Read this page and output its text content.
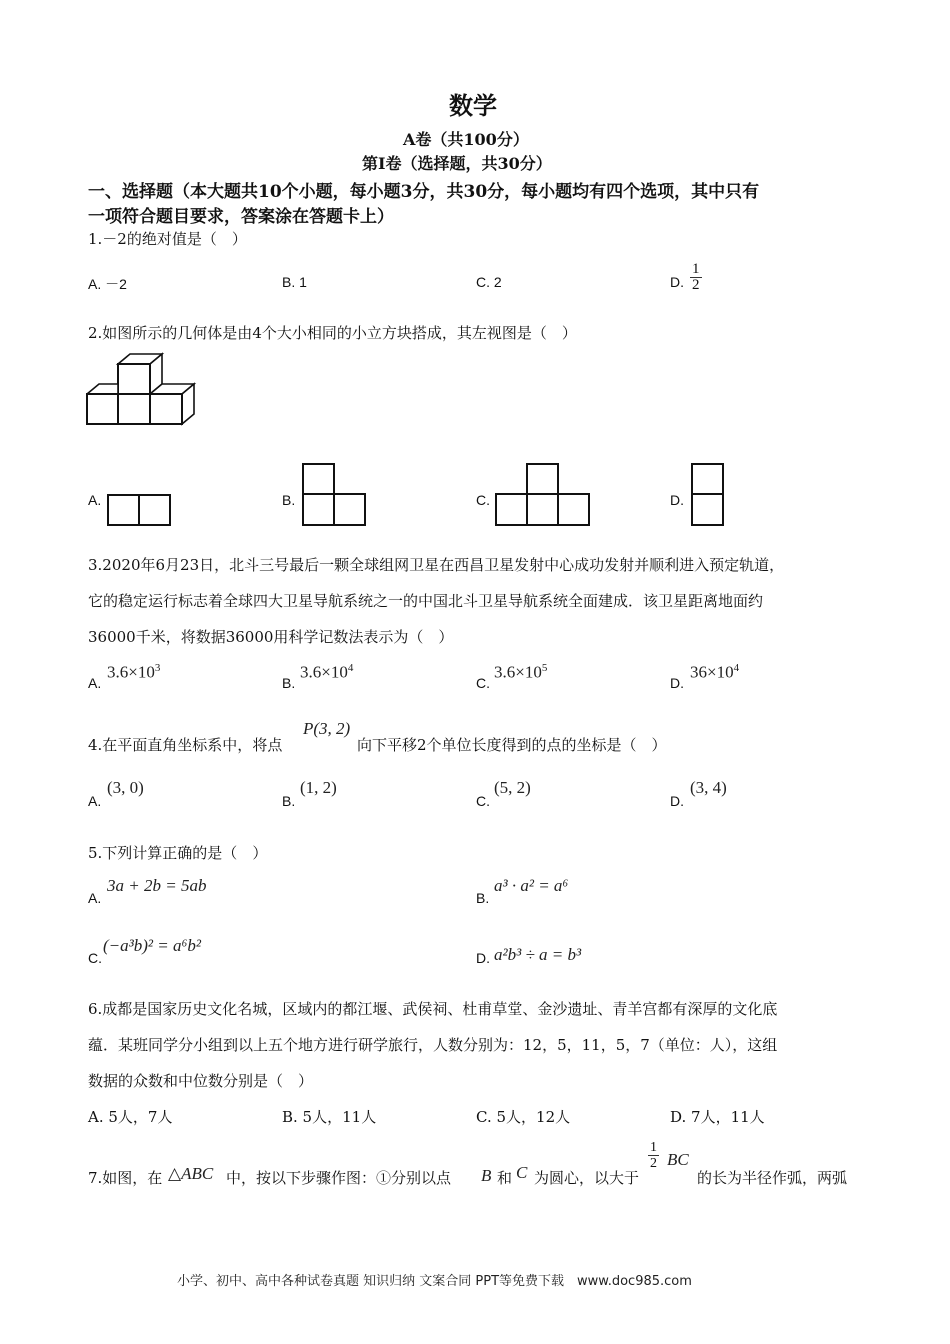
数学
A卷（共100分）
第Ⅰ卷（选择题，共30分）
一、选择题（本大题共10个小题，每小题3分，共30分，每小题均有四个选项，其中只有
一项符合题目要求，答案涂在答题卡上）
1.－2的绝对值是（　）
A. －2	B. 1	C. 2	D. $\frac{1}{2}$
2.如图所示的几何体是由4个大小相同的小立方块搭成，其左视图是（　）
A.	B.	C.	D.
3.2020年6月23日，北斗三号最后一颗全球组网卫星在西昌卫星发射中心成功发射并顺利进入预定轨道，
它的稳定运行标志着全球四大卫星导航系统之一的中国北斗卫星导航系统全面建成．该卫星距离地面约
36000千米，将数据36000用科学记数法表示为（　）
A.
$3.6\times 10^3$
B.
$3.6\times 10^4$
C.
$3.6\times 10^5$
D.
$36\times 10^4$
4.在平面直角坐标系中，将点
P(3, 2)
向下平移2个单位长度得到的点的坐标是（　）
A.
(3, 0)
B.
(1, 2)
C.
(5, 2)
D.
(3, 4)
5.下列计算正确的是（　）
A.
3a + 2b = 5ab
B.
a³ · a² = a⁶
C.
(−a³b)² = a⁶b²
D. a²b³ ÷ a = b³
6.成都是国家历史文化名城，区域内的都江堰、武侯祠、杜甫草堂、金沙遗址、青羊宫都有深厚的文化底
蕴．某班同学分小组到以上五个地方进行研学旅行，人数分别为：12，5，11，5，7（单位：人），这组
数据的众数和中位数分别是（　）
A. 5人，7人	B. 5人，11人	C. 5人，12人	D. 7人，11人
7.如图，在 △ABC 中，按以下步骤作图：①分别以点 B 和 C 为圆心，以大于
$\frac{1}{2}$ BC
的长为半径作弧，两弧
小学、初中、高中各种试卷真题 知识归纳 文案合同 PPT等免费下载　www.doc985.com
